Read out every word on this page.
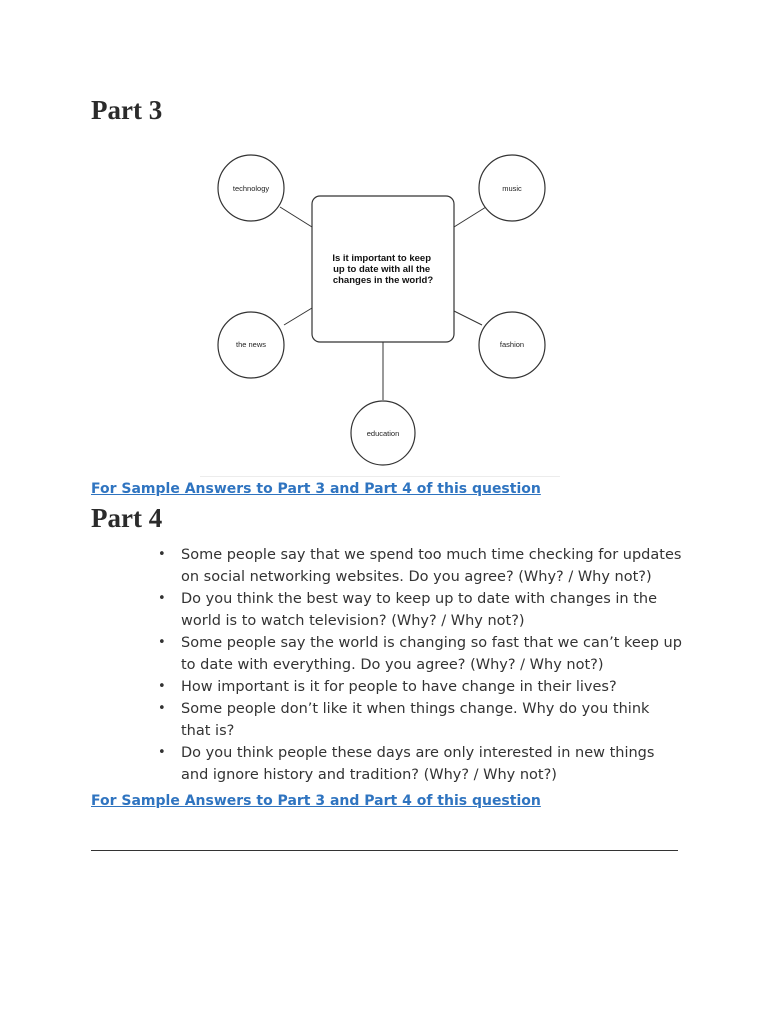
Part 3
Is it important to keep up to date with all the changes in the world?
technology	music
the news	fashion
education
For Sample Answers to Part 3 and Part 4 of this question
Part 4
• Some people say that we spend too much time checking for updates
on social networking websites. Do you agree? (Why? / Why not?)
• Do you think the best way to keep up to date with changes in the
world is to watch television? (Why? / Why not?)
• Some people say the world is changing so fast that we can’t keep up
to date with everything. Do you agree? (Why? / Why not?)
• How important is it for people to have change in their lives?
• Some people don’t like it when things change. Why do you think
that is?
• Do you think people these days are only interested in new things
and ignore history and tradition? (Why? / Why not?)
For Sample Answers to Part 3 and Part 4 of this question
